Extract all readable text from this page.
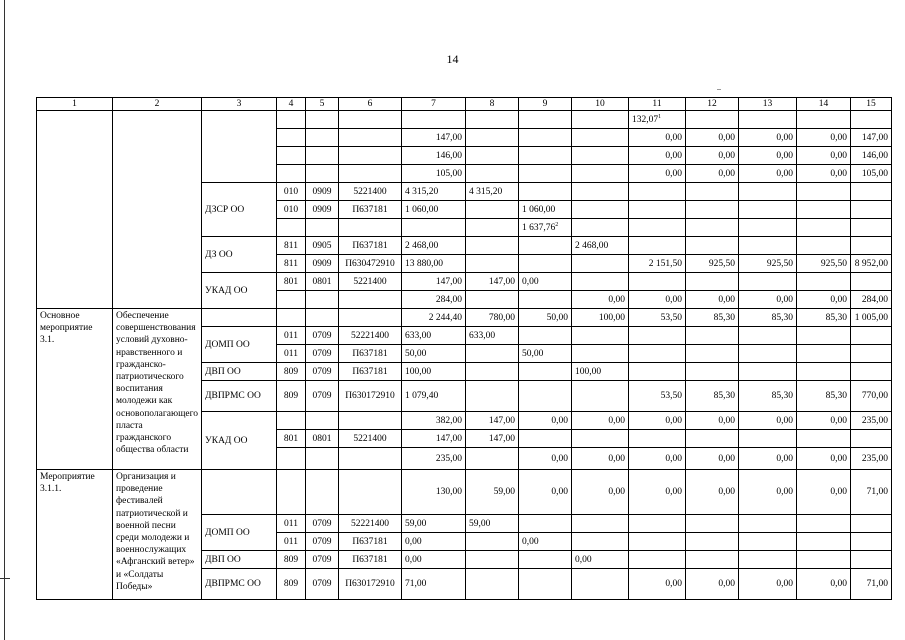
14
1	2	3	4	5	6	7	8	9	10	11	12	13	14	15
										132,07$^1$				
						147,00				0,00	0,00	0,00	0,00	147,00
						146,00				0,00	0,00	0,00	0,00	146,00
						105,00				0,00	0,00	0,00	0,00	105,00
		ДЗСР ОО	010	0909	5221400	4 315,20	4 315,20							
			010	0909	П637181	1 060,00		1 060,00						
								1 637,76$^2$						
		ДЗ ОО	811	0905	П637181	2 468,00			2 468,00					
			811	0909	П630472910	13 880,00				2 151,50	925,50	925,50	925,50	8 952,00
		УКАД ОО	801	0801	5221400	147,00	147,00	0,00						
						284,00			0,00	0,00	0,00	0,00	0,00	284,00
Основное мероприятие 3.1.	Обеспечение совершенствования условий духовно-нравственного и гражданско-патриотического воспитания молодежи как основополагающего пласта гражданского общества области					2 244,40	780,00	50,00	100,00	53,50	85,30	85,30	85,30	1 005,00
		ДОМП ОО	011	0709	52221400	633,00	633,00							
			011	0709	П637181	50,00		50,00						
		ДВП ОО	809	0709	П637181	100,00			100,00					
		ДВПРМС ОО	809	0709	П630172910	1 079,40				53,50	85,30	85,30	85,30	770,00
		УКАД ОО				382,00	147,00	0,00	0,00	0,00	0,00	0,00	0,00	235,00
			801	0801	5221400	147,00	147,00							
						235,00		0,00	0,00	0,00	0,00	0,00	0,00	235,00
Мероприятие 3.1.1.	Организация и проведение фестивалей патриотической и военной песни среди молодежи и военнослужащих «Афганский ветер» и «Солдаты Победы»					130,00	59,00	0,00	0,00	0,00	0,00	0,00	0,00	71,00
		ДОМП ОО	011	0709	52221400	59,00	59,00							
			011	0709	П637181	0,00		0,00						
		ДВП ОО	809	0709	П637181	0,00			0,00					
		ДВПРМС ОО	809	0709	П630172910	71,00				0,00	0,00	0,00	0,00	71,00
